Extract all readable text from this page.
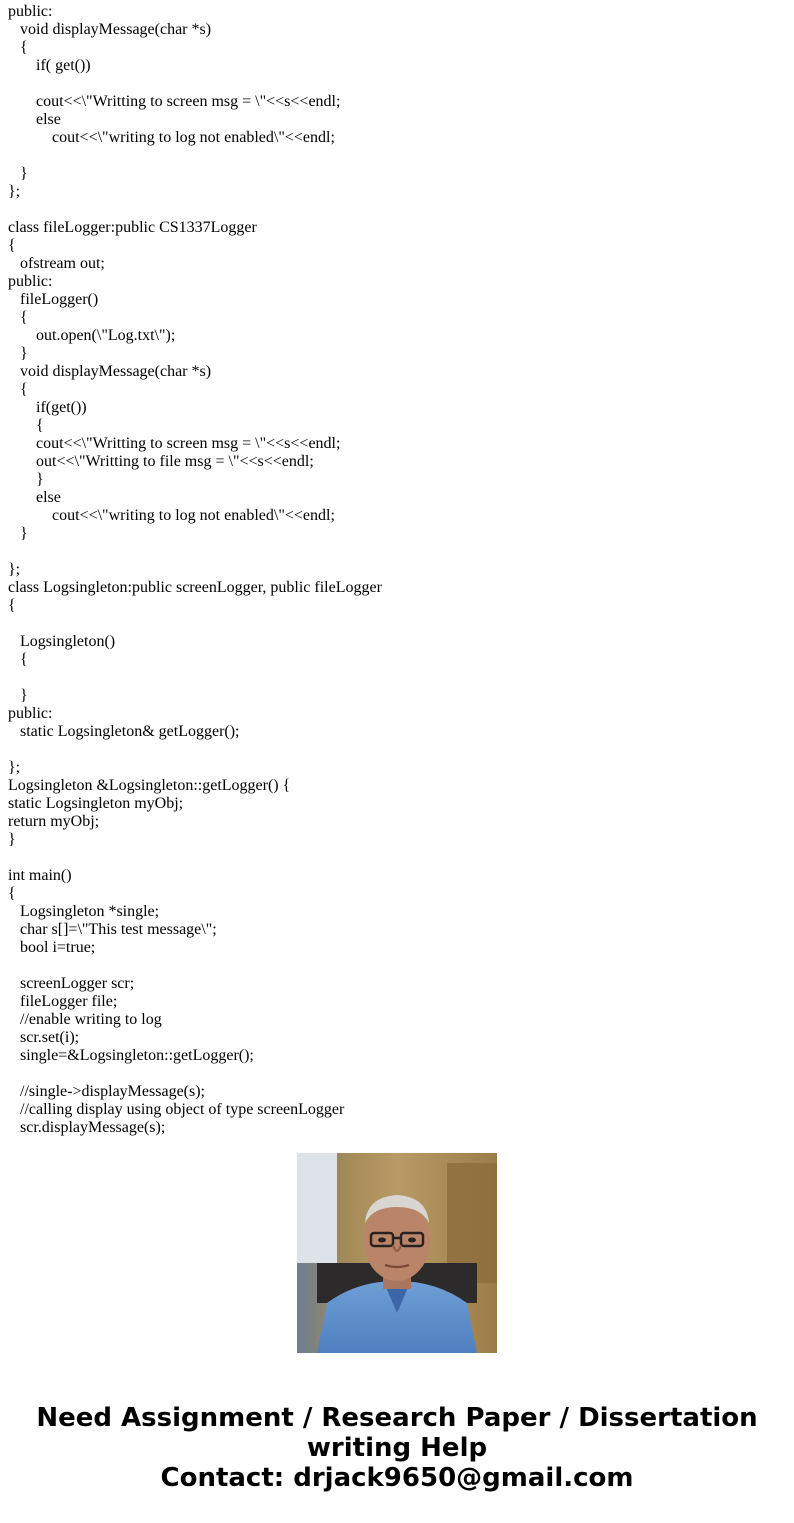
public:
void displayMessage(char *s)
{
if( get())
cout<<\"Writting to screen msg = \"<<s<<endl;
else
cout<<\"writing to log not enabled\"<<endl;
}
};
class fileLogger:public CS1337Logger
{
ofstream out;
public:
fileLogger()
{
out.open(\"Log.txt\");
}
void displayMessage(char *s)
{
if(get())
{
cout<<\"Writting to screen msg = \"<<s<<endl;
out<<\"Writting to file msg = \"<<s<<endl;
}
else
cout<<\"writing to log not enabled\"<<endl;
}
};
class Logsingleton:public screenLogger, public fileLogger
{
Logsingleton()
{
}
public:
static Logsingleton& getLogger();
};
Logsingleton &Logsingleton::getLogger() {
static Logsingleton myObj;
return myObj;
}
int main()
{
Logsingleton *single;
char s[]=\"This test message\";
bool i=true;
screenLogger scr;
fileLogger file;
//enable writing to log
scr.set(i);
single=&Logsingleton::getLogger();
//single->displayMessage(s);
//calling display using object of type screenLogger
scr.displayMessage(s);
Need Assignment / Research Paper / Dissertation
writing Help
Contact: drjack9650@gmail.com
